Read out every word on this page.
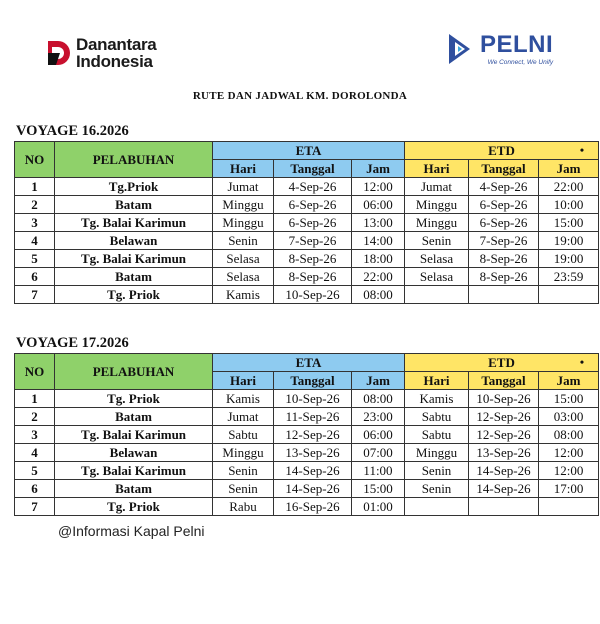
Danantara
Indonesia
PELNI
We Connect, We Unify
RUTE DAN JADWAL KM. DOROLONDA
VOYAGE 16.2026
NO	PELABUHAN	ETA			ETD •
		Hari	Tanggal	Jam	Hari	Tanggal	Jam
1	Tg.Priok	Jumat	4-Sep-26	12:00	Jumat	4-Sep-26	22:00
2	Batam	Minggu	6-Sep-26	06:00	Minggu	6-Sep-26	10:00
3	Tg. Balai Karimun	Minggu	6-Sep-26	13:00	Minggu	6-Sep-26	15:00
4	Belawan	Senin	7-Sep-26	14:00	Senin	7-Sep-26	19:00
5	Tg. Balai Karimun	Selasa	8-Sep-26	18:00	Selasa	8-Sep-26	19:00
6	Batam	Selasa	8-Sep-26	22:00	Selasa	8-Sep-26	23:59
7	Tg. Priok	Kamis	10-Sep-26	08:00			
VOYAGE 17.2026
NO	PELABUHAN	ETA			ETD •
		Hari	Tanggal	Jam	Hari	Tanggal	Jam
1	Tg. Priok	Kamis	10-Sep-26	08:00	Kamis	10-Sep-26	15:00
2	Batam	Jumat	11-Sep-26	23:00	Sabtu	12-Sep-26	03:00
3	Tg. Balai Karimun	Sabtu	12-Sep-26	06:00	Sabtu	12-Sep-26	08:00
4	Belawan	Minggu	13-Sep-26	07:00	Minggu	13-Sep-26	12:00
5	Tg. Balai Karimun	Senin	14-Sep-26	11:00	Senin	14-Sep-26	12:00
6	Batam	Senin	14-Sep-26	15:00	Senin	14-Sep-26	17:00
7	Tg. Priok	Rabu	16-Sep-26	01:00			
@Informasi Kapal Pelni
